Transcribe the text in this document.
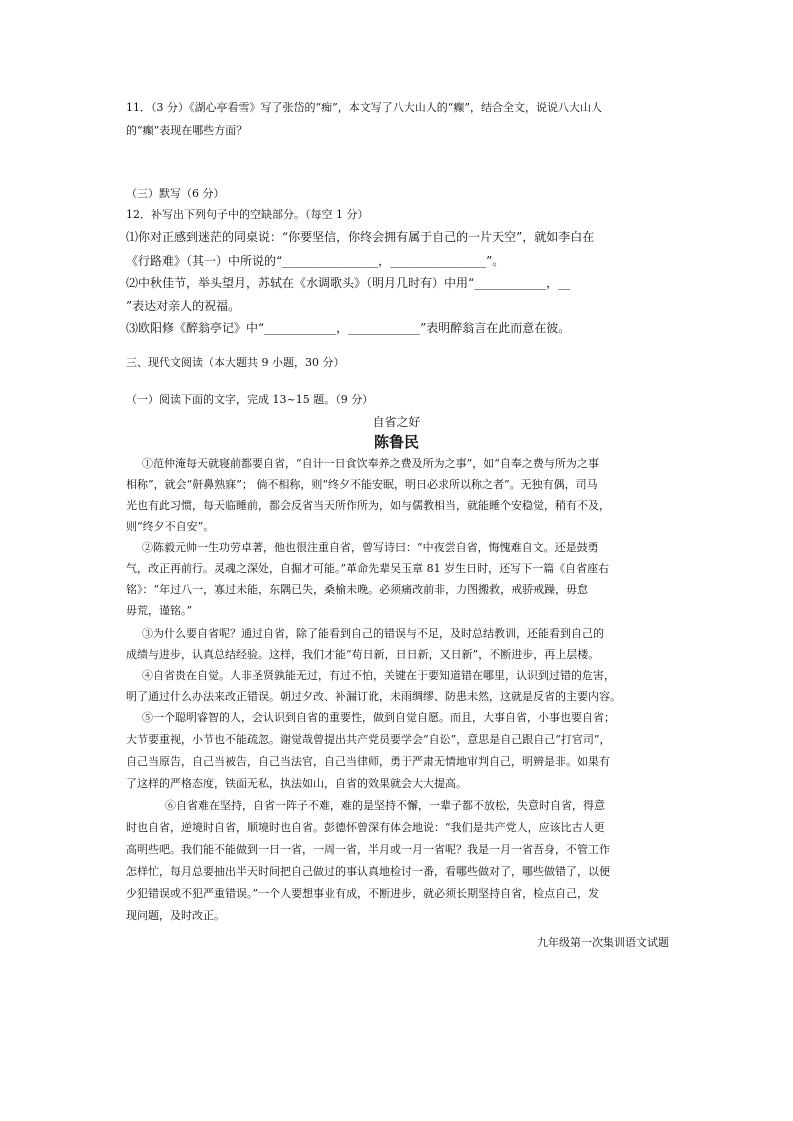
11．（3 分）《湖心亭看雪》写了张岱的“痴”，本文写了八大山人的“癫”，结合全文，说说八大山人
的“癫”表现在哪些方面？
（三）默写（6 分）
12．补写出下列句子中的空缺部分。（每空 1 分）
⑴你对正感到迷茫的同桌说：“你要坚信，你终会拥有属于自己的一片天空”，就如李白在
《行路难》（其一）中所说的“________________，________________”。
⑵中秋佳节，举头望月，苏轼在《水调歌头》（明月几时有）中用“____________，__
”表达对亲人的祝福。
⑶欧阳修《醉翁亭记》中“____________，____________”表明醉翁言在此而意在彼。
三、现代文阅读（本大题共 9 小题，30 分）
（一）阅读下面的文字，完成 13~15 题。（9 分）
自省之好
陈鲁民
①范仲淹每天就寝前都要自省，“自计一日食饮奉养之费及所为之事”，如“自奉之费与所为之事
相称”，就会“鼾鼻熟寐”； 倘不相称，则“终夕不能安眠，明日必求所以称之者”。无独有偶，司马
光也有此习惯，每天临睡前，都会反省当天所作所为，如与儒教相当，就能睡个安稳觉，稍有不及，
则“终夕不自安”。
②陈毅元帅一生功劳卓著，他也很注重自省，曾写诗曰：“中夜尝自省，悔愧难自文。还是鼓勇
气，改正再前行。灵魂之深处，自掘才可能。”革命先辈吴玉章 81 岁生日时，还写下一篇《自省座右
铭》：“年过八一，寡过未能，东隅已失，桑榆未晚。必须痛改前非，力图搬救，戒骄戒躁，毋怠
毋荒，谨铭。”
③为什么要自省呢？通过自省，除了能看到自己的错误与不足，及时总结教训，还能看到自己的
成绩与进步，认真总结经验。这样，我们才能“苟日新，日日新，又日新”，不断进步，再上层楼。
④自省贵在自觉。人非圣贤孰能无过，有过不怕，关键在于要知道错在哪里，认识到过错的危害，
明了通过什么办法来改正错误。朝过夕改、补漏订讹，未雨绸缪、防患未然，这就是反省的主要内容。
⑤一个聪明睿智的人，会认识到自省的重要性，做到自觉自愿。而且，大事自省，小事也要自省；
大节要重视，小节也不能疏忽。谢觉哉曾提出共产党员要学会“自讼”，意思是自己跟自己“打官司”，
自己当原告，自己当被告，自己当法官，自己当律师，勇于严肃无情地审判自己，明辨是非。如果有
了这样的严格态度，铁面无私，执法如山，自省的效果就会大大提高。
⑥自省难在坚持，自省一阵子不难，难的是坚持不懈，一辈子都不放松，失意时自省，得意
时也自省，逆境时自省，顺境时也自省。彭德怀曾深有体会地说：“我们是共产党人，应该比古人更
高明些吧。我们能不能做到一日一省，一周一省，半月或一月一省呢？我是一月一省吾身，不管工作
怎样忙，每月总要抽出半天时间把自己做过的事认真地检讨一番，看哪些做对了，哪些做错了，以便
少犯错误或不犯严重错误。”一个人要想事业有成，不断进步，就必须长期坚持自省，检点自己，发
现问题，及时改正。
九年级第一次集训语文试题
